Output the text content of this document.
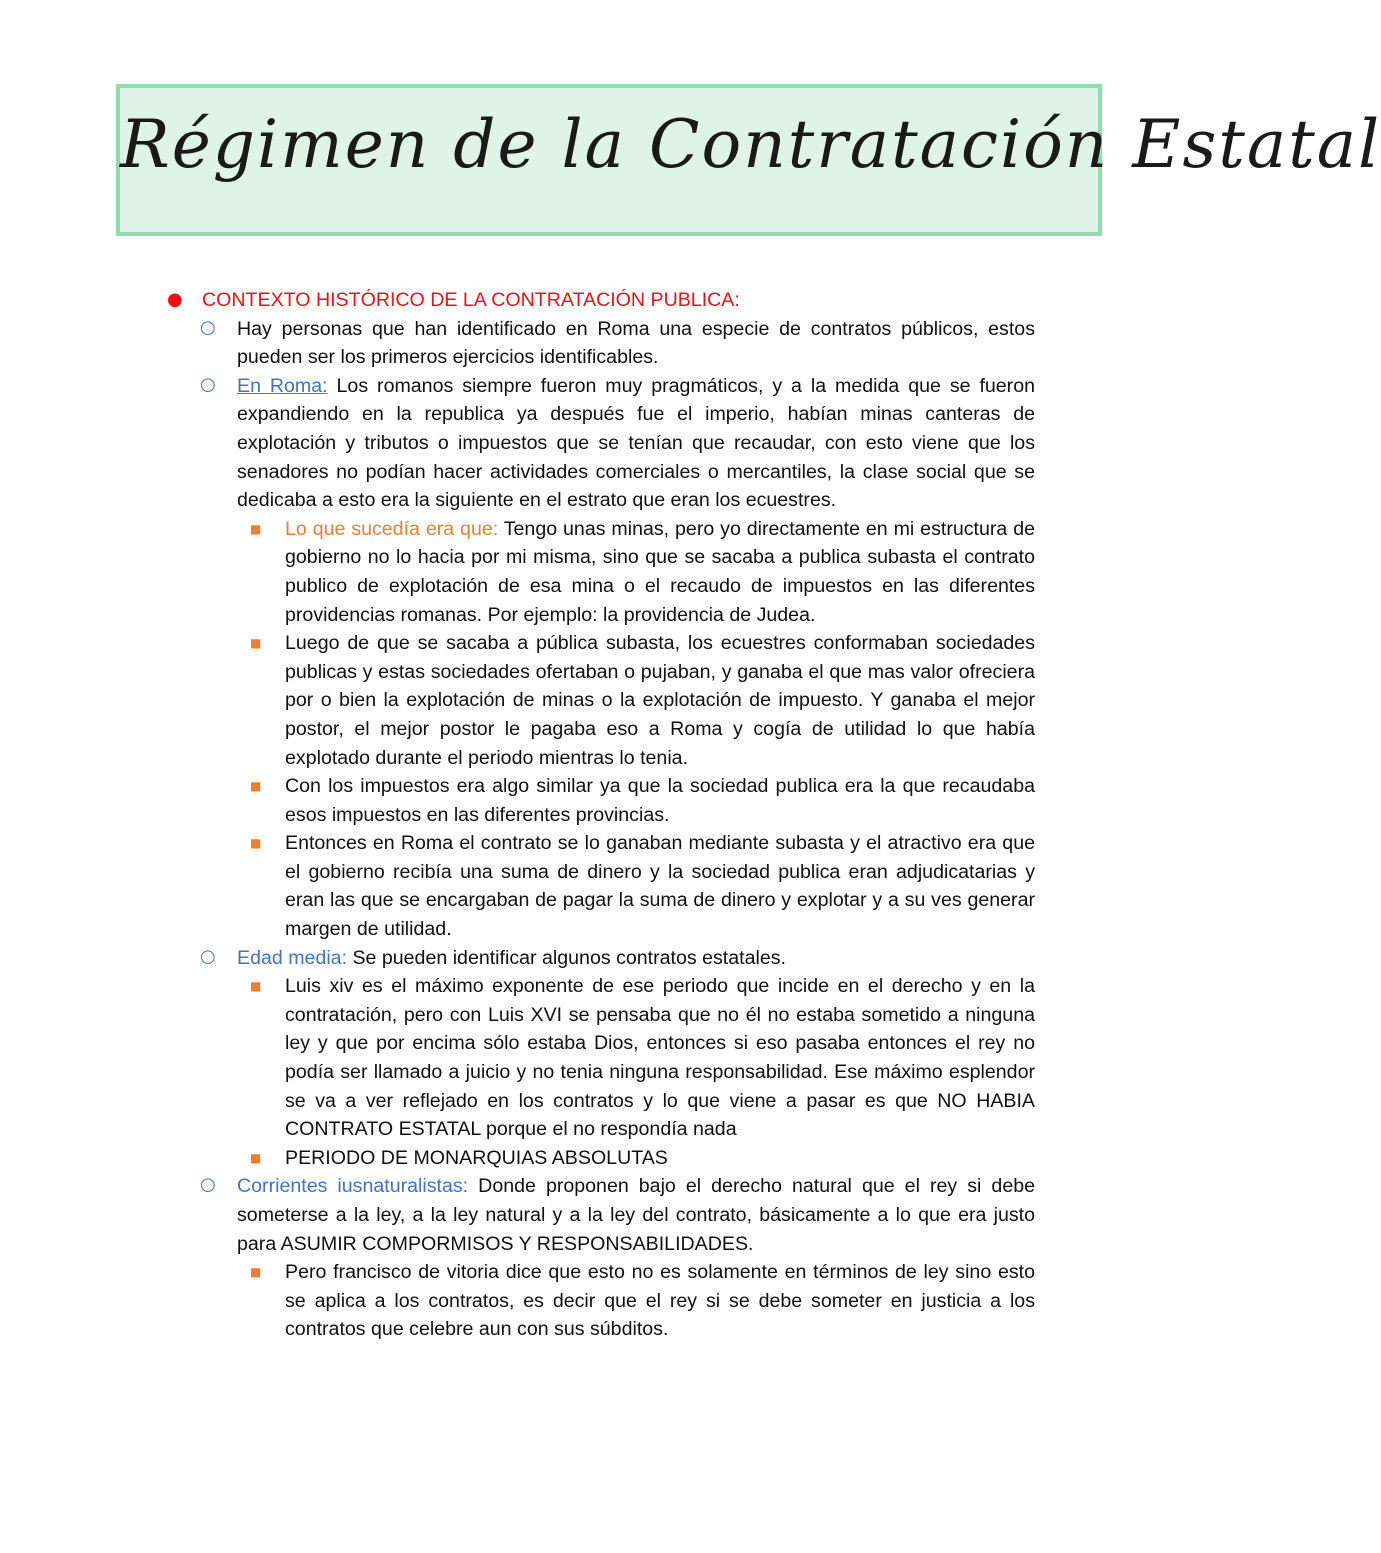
Régimen de la Contratación Estatal
● CONTEXTO HISTÓRICO DE LA CONTRATACIÓN PUBLICA:
○ Hay personas que han identificado en Roma una especie de contratos públicos, estos pueden ser los primeros ejercicios identificables.
○ En Roma: Los romanos siempre fueron muy pragmáticos, y a la medida que se fueron expandiendo en la republica ya después fue el imperio, habían minas canteras de explotación y tributos o impuestos que se tenían que recaudar, con esto viene que los senadores no podían hacer actividades comerciales o mercantiles, la clase social que se dedicaba a esto era la siguiente en el estrato que eran los ecuestres.
■ Lo que sucedía era que: Tengo unas minas, pero yo directamente en mi estructura de gobierno no lo hacia por mi misma, sino que se sacaba a publica subasta el contrato publico de explotación de esa mina o el recaudo de impuestos en las diferentes providencias romanas. Por ejemplo: la providencia de Judea.
■ Luego de que se sacaba a pública subasta, los ecuestres conformaban sociedades publicas y estas sociedades ofertaban o pujaban, y ganaba el que mas valor ofreciera por o bien la explotación de minas o la explotación de impuesto. Y ganaba el mejor postor, el mejor postor le pagaba eso a Roma y cogía de utilidad lo que había explotado durante el periodo mientras lo tenia.
■ Con los impuestos era algo similar ya que la sociedad publica era la que recaudaba esos impuestos en las diferentes provincias.
■ Entonces en Roma el contrato se lo ganaban mediante subasta y el atractivo era que el gobierno recibía una suma de dinero y la sociedad publica eran adjudicatarias y eran las que se encargaban de pagar la suma de dinero y explotar y a su ves generar margen de utilidad.
○ Edad media: Se pueden identificar algunos contratos estatales.
■ Luis xiv es el máximo exponente de ese periodo que incide en el derecho y en la contratación, pero con Luis XVI se pensaba que no él no estaba sometido a ninguna ley y que por encima sólo estaba Dios, entonces si eso pasaba entonces el rey no podía ser llamado a juicio y no tenia ninguna responsabilidad. Ese máximo esplendor se va a ver reflejado en los contratos y lo que viene a pasar es que NO HABIA CONTRATO ESTATAL porque el no respondía nada
■ PERIODO DE MONARQUIAS ABSOLUTAS
○ Corrientes iusnaturalistas: Donde proponen bajo el derecho natural que el rey si debe someterse a la ley, a la ley natural y a la ley del contrato, básicamente a lo que era justo para ASUMIR COMPORMISOS Y RESPONSABILIDADES.
■ Pero francisco de vitoria dice que esto no es solamente en términos de ley sino esto se aplica a los contratos, es decir que el rey si se debe someter en justicia a los contratos que celebre aun con sus súbditos.
